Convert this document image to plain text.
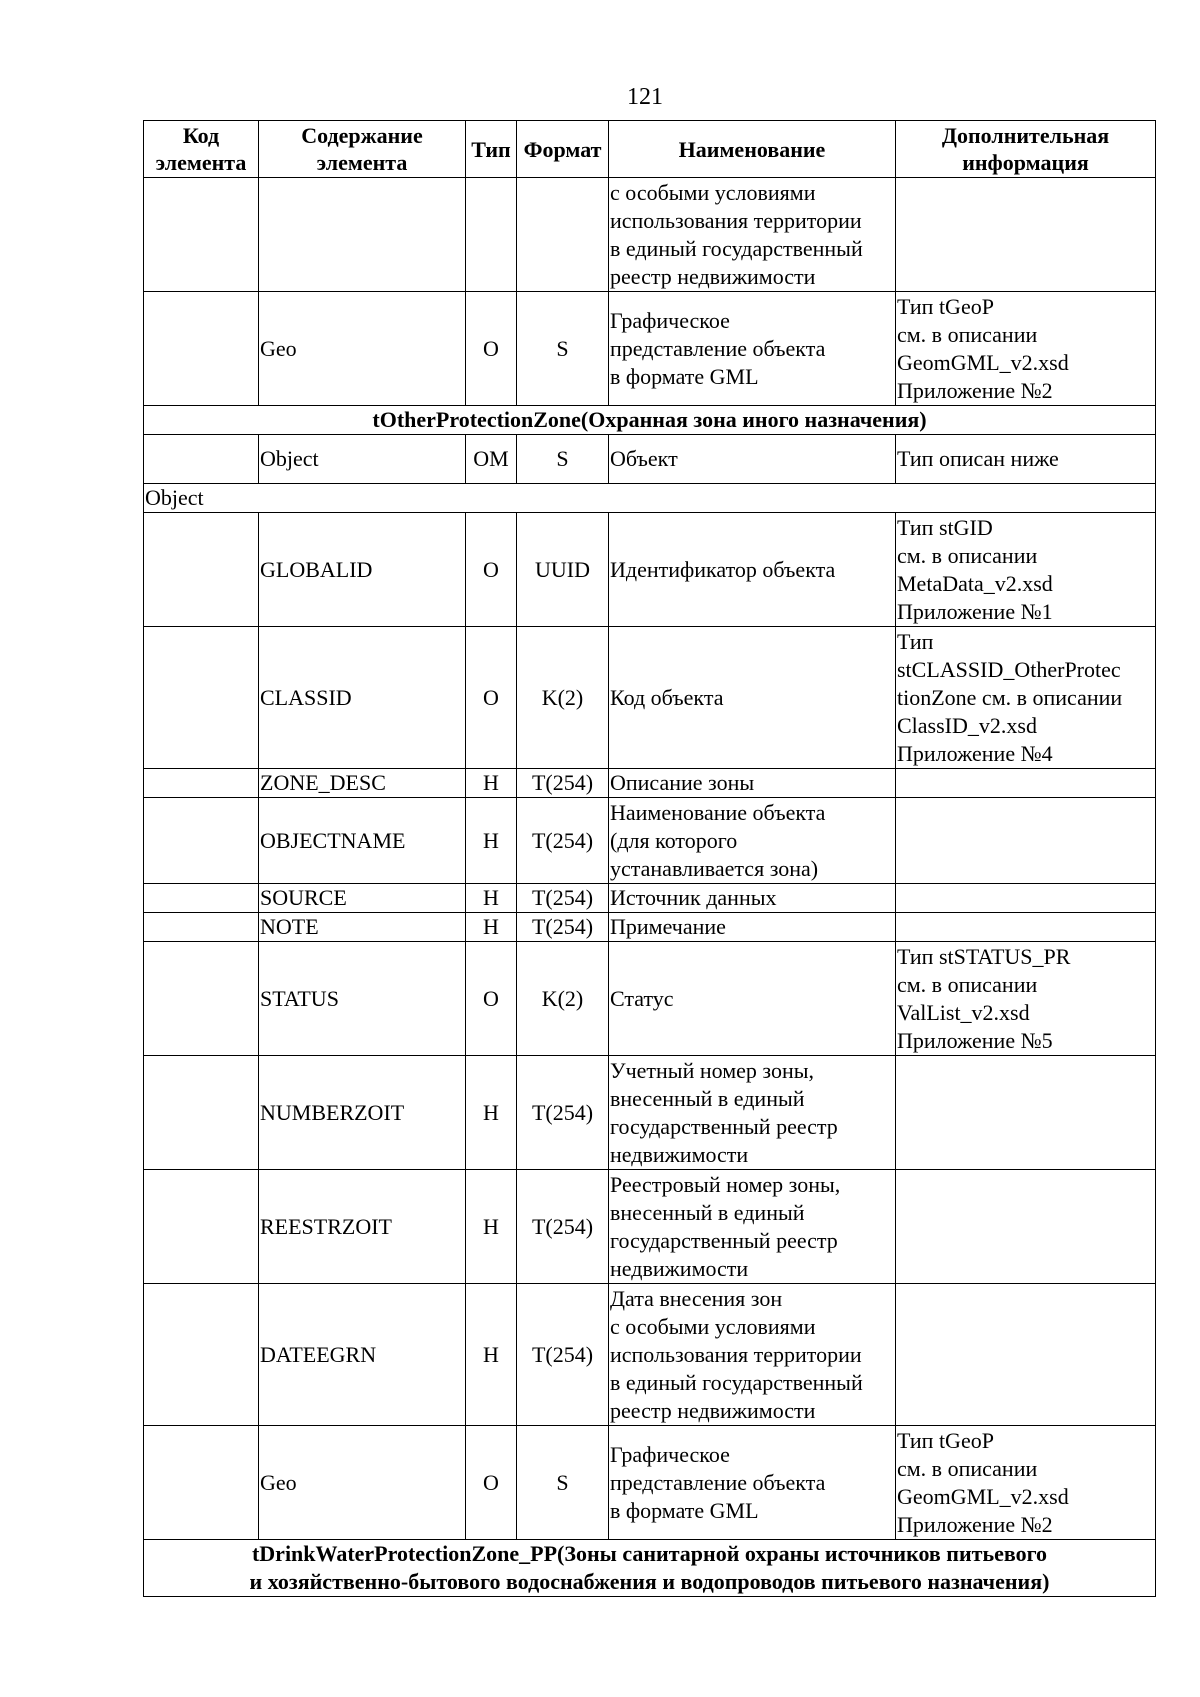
121
Код элемента	Содержание элемента	Тип	Формат	Наименование	Дополнительная информация
				с особыми условиями
использования территории
в единый государственный
реестр недвижимости	
	Geo	O	S	Графическое
представление объекта
в формате GML	Тип tGeoP
см. в описании
GeomGML_v2.xsd
Приложение №2
tOtherProtectionZone(Охранная зона иного назначения)					
	Object	OM	S	Объект	Тип описан ниже
Object					
	GLOBALID	O	UUID	Идентификатор объекта	Тип stGID
см. в описании
MetaData_v2.xsd
Приложение №1
	CLASSID	O	K(2)	Код объекта	Тип
stCLASSID_OtherProtec
tionZone см. в описании
ClassID_v2.xsd
Приложение №4
	ZONE_DESC	H	T(254)	Описание зоны	
	OBJECTNAME	H	T(254)	Наименование объекта
(для которого
устанавливается зона)	
	SOURCE	H	T(254)	Источник данных	
	NOTE	H	T(254)	Примечание	
	STATUS	O	K(2)	Статус	Тип stSTATUS_PR
см. в описании
ValList_v2.xsd
Приложение №5
	NUMBERZOIT	H	T(254)	Учетный номер зоны,
внесенный в единый
государственный реестр
недвижимости	
	REESTRZOIT	H	T(254)	Реестровый номер зоны,
внесенный в единый
государственный реестр
недвижимости	
	DATEEGRN	H	T(254)	Дата внесения зон
с особыми условиями
использования территории
в единый государственный
реестр недвижимости	
	Geo	O	S	Графическое
представление объекта
в формате GML	Тип tGeoP
см. в описании
GeomGML_v2.xsd
Приложение №2
tDrinkWaterProtectionZone_PP(Зоны санитарной охраны источников питьевого
и хозяйственно-бытового водоснабжения и водопроводов питьевого назначения)					
